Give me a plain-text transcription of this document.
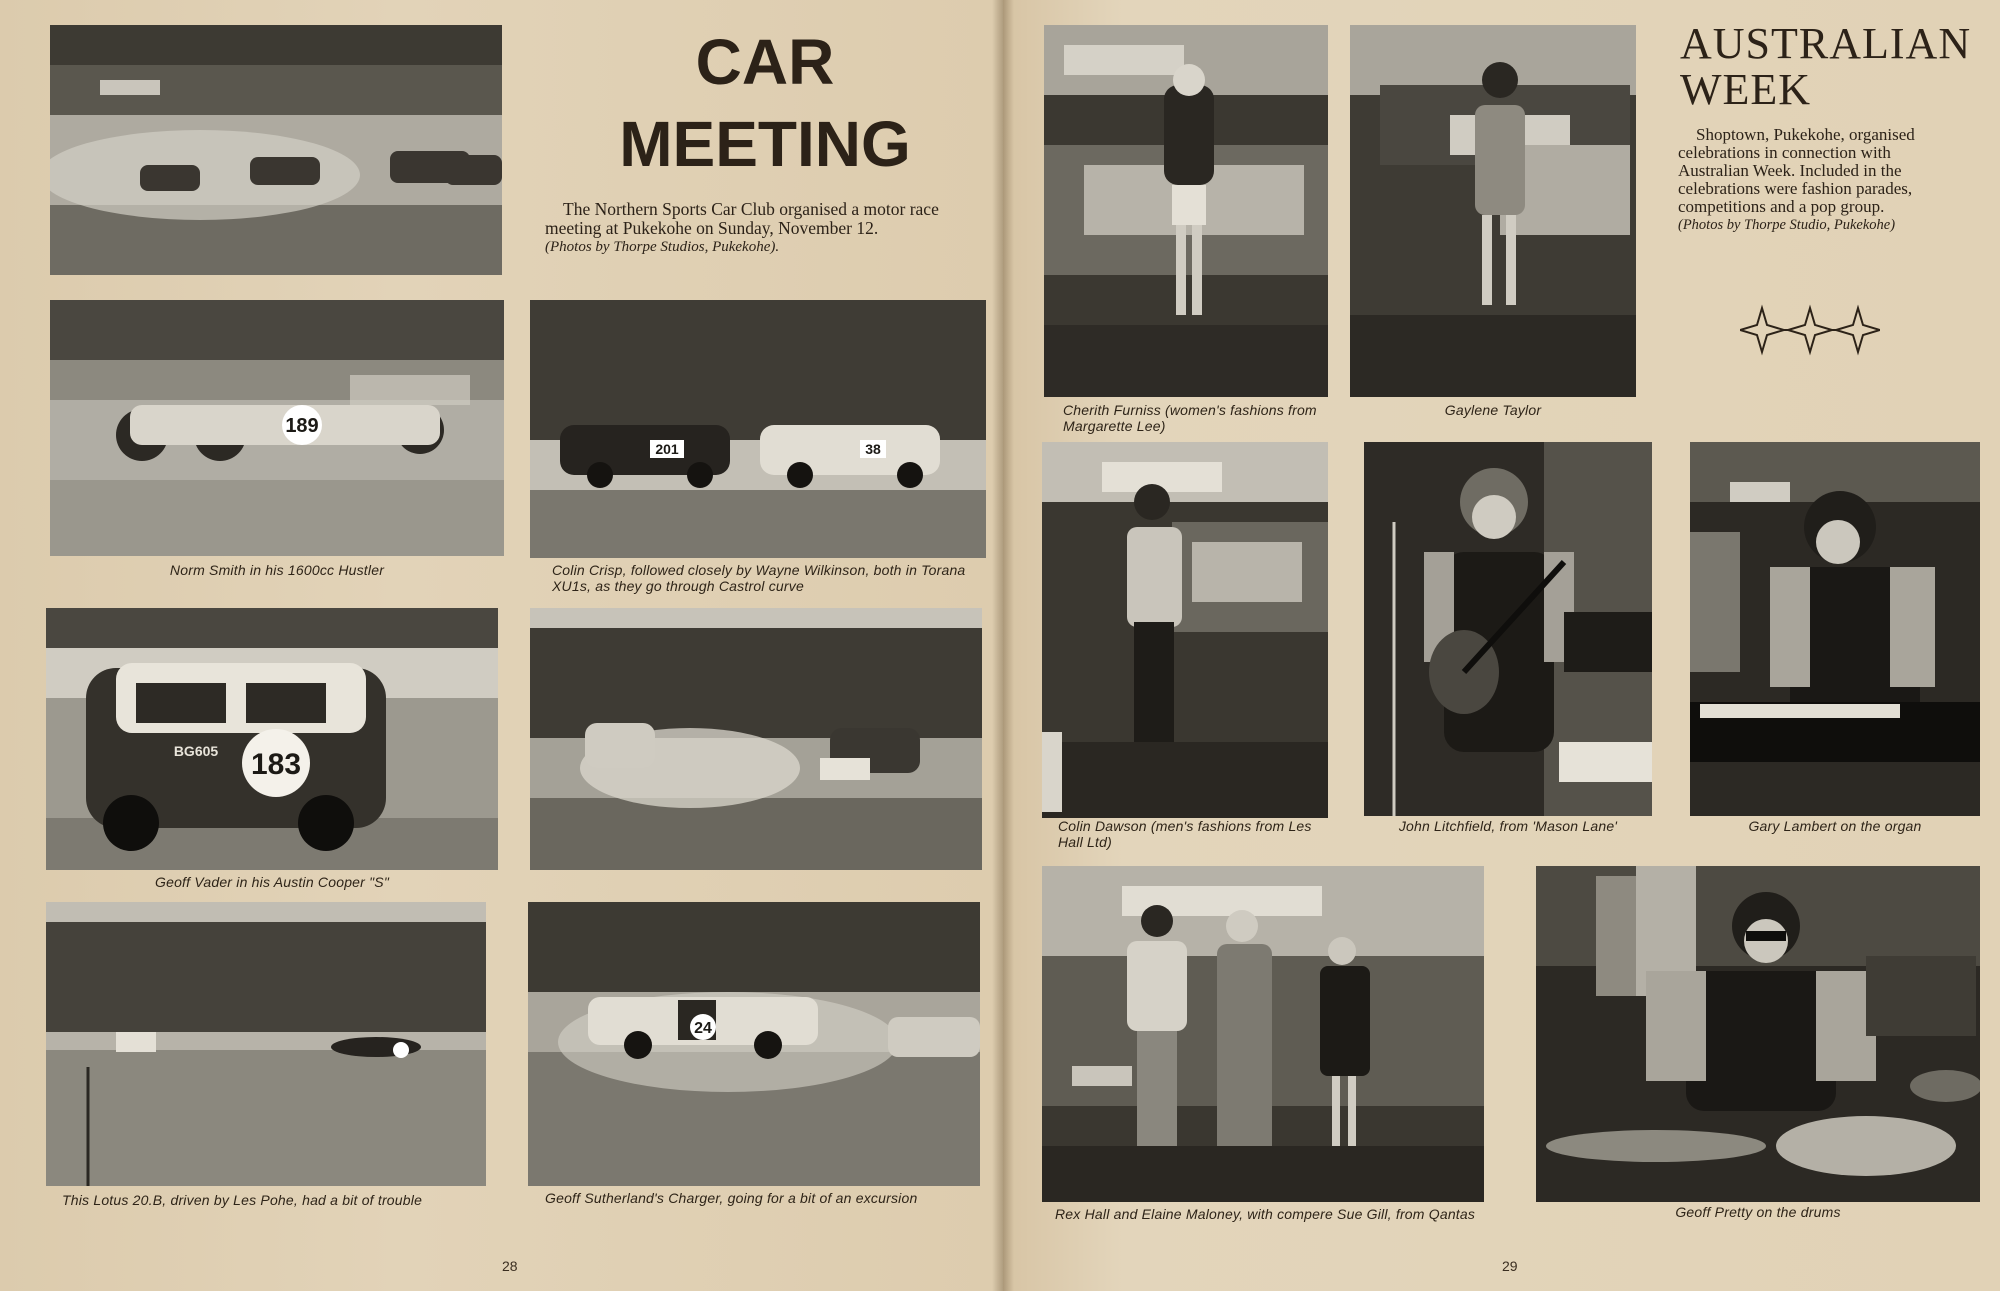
CAR
MEETING
The Northern Sports Car Club organised a motor race meeting at Pukekohe on Sunday, November 12.
(Photos by Thorpe Studios, Pukekohe).
189
Norm Smith in his 1600cc Hustler
201	38
Colin Crisp, followed closely by Wayne Wilkinson, both in Torana XU1s, as they go through Castrol curve
183
BG605
Geoff Vader in his Austin Cooper "S"
This Lotus 20.B, driven by Les Pohe, had a bit of trouble
24
Geoff Sutherland's Charger, going for a bit of an excursion
28
Cherith Furniss (women's fashions from Margarette Lee)
Gaylene Taylor
AUSTRALIAN
WEEK
Shoptown, Pukekohe, organised celebrations in connection with Australian Week. Included in the celebrations were fashion parades, competitions and a pop group.
(Photos by Thorpe Studio, Pukekohe)
Colin Dawson (men's fashions from Les Hall Ltd)
John Litchfield, from 'Mason Lane'	Gary Lambert on the organ
Rex Hall and Elaine Maloney, with compere Sue Gill, from Qantas	Geoff Pretty on the drums
29
